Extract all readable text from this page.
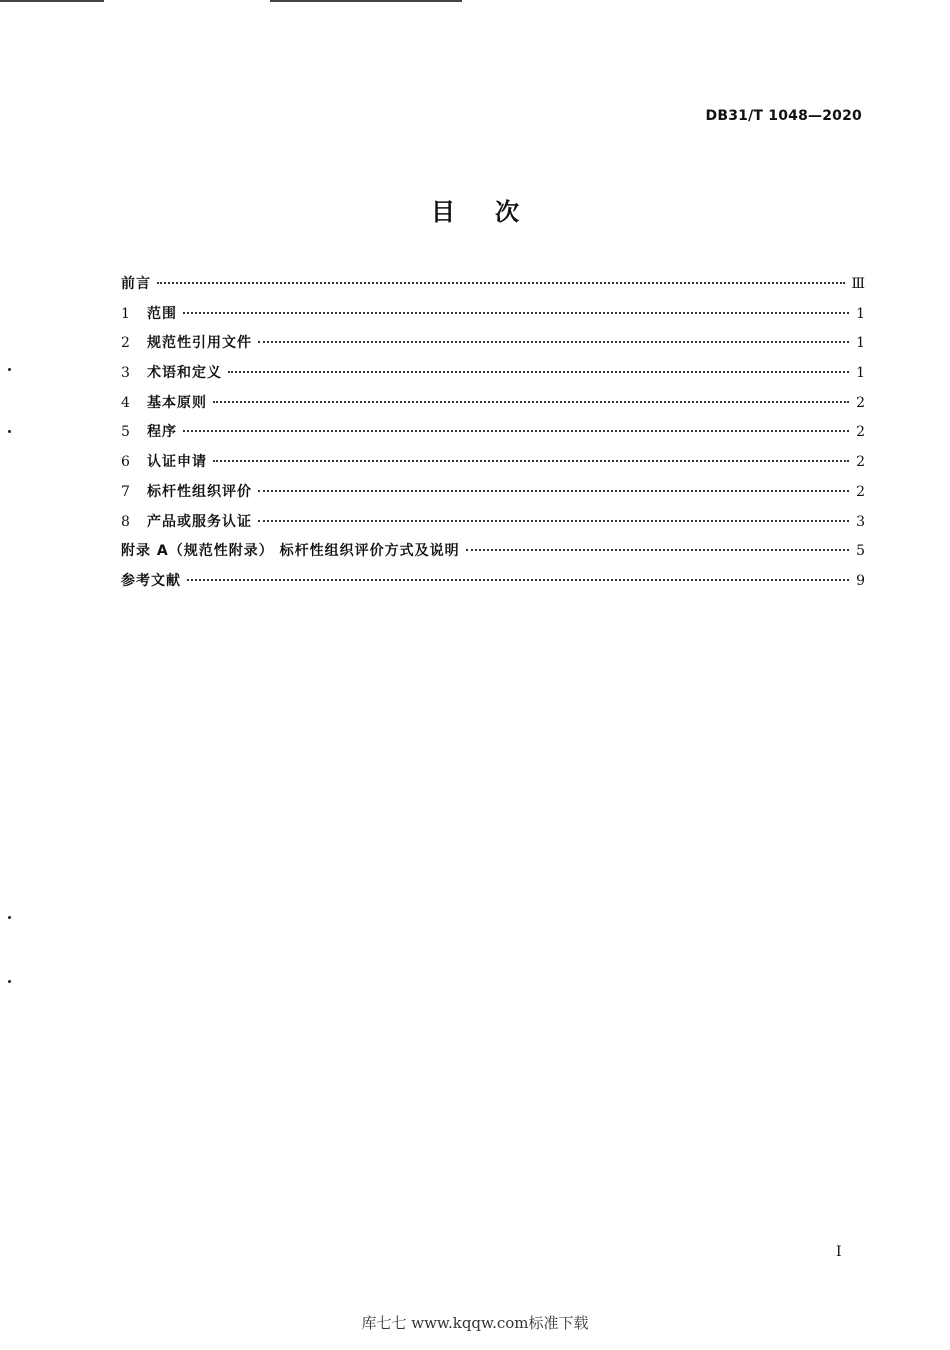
DB31/T 1048—2020
目次
前言	Ⅲ
1	范围	1
2	规范性引用文件	1
3	术语和定义	1
4	基本原则	2
5	程序	2
6	认证申请	2
7	标杆性组织评价	2
8	产品或服务认证	3
附录 A（规范性附录） 标杆性组织评价方式及说明	5
参考文献	9
I
库七七 www.kqqw.com标准下载
